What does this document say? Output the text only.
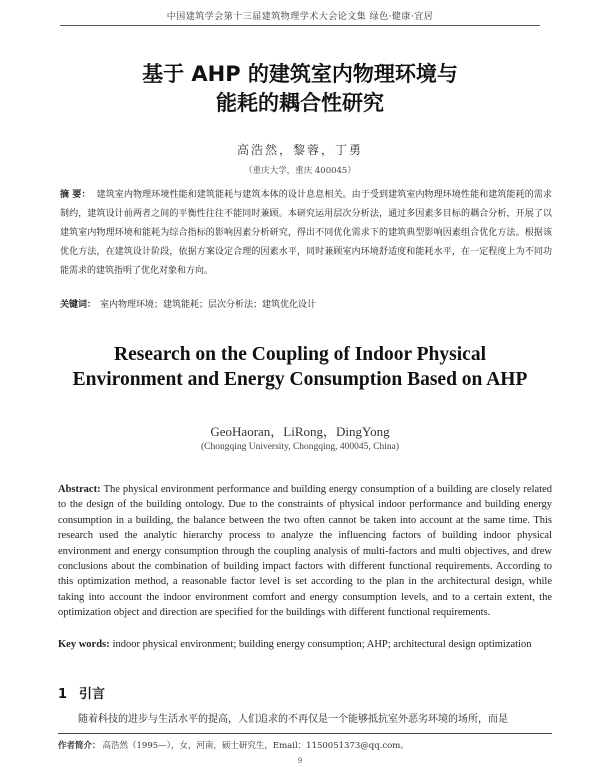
中国建筑学会第十三届建筑物理学术大会论文集 绿色·健康·宜居
基于 AHP 的建筑室内物理环境与
能耗的耦合性研究
高浩然，黎蓉，丁勇
（重庆大学，重庆 400045）
摘 要： 建筑室内物理环境性能和建筑能耗与建筑本体的设计息息相关。由于受到建筑室内物理环境性能和建筑能耗的需求制约，建筑设计前两者之间的平衡性往往不能同时兼顾。本研究运用层次分析法，通过多因素多目标的耦合分析，开展了以建筑室内物理环境和能耗为综合指标的影响因素分析研究，得出不同优化需求下的建筑典型影响因素组合优化方法。根据该优化方法，在建筑设计阶段，依据方案设定合理的因素水平，同时兼顾室内环境舒适度和能耗水平，在一定程度上为不同功能需求的建筑指明了优化对象和方向。
关键词： 室内物理环境；建筑能耗；层次分析法；建筑优化设计
Research on the Coupling of Indoor Physical
Environment and Energy Consumption Based on AHP
GeoHaoran，LiRong，DingYong
(Chongqing University, Chongqing, 400045, China)
Abstract: The physical environment performance and building energy consumption of a building are closely related to the design of the building ontology. Due to the constraints of physical indoor performance and building energy consumption in a building, the balance between the two often cannot be taken into account at the same time. This research used the analytic hierarchy process to analyze the influencing factors of building indoor physical environment and energy consumption through the coupling analysis of multi-factors and multi objectives, and drew conclusions about the combination of building impact factors with different functional requirements. According to this optimization method, a reasonable factor level is set according to the plan in the architectural design, while taking into account the indoor environment comfort and energy consumption levels, and to a certain extent, the optimization object and direction are specified for the buildings with different functional requirements.
Key words: indoor physical environment; building energy consumption; AHP; architectural design optimization
1 引言
随着科技的进步与生活水平的提高，人们追求的不再仅是一个能够抵抗室外恶劣环境的场所，而是
作者简介： 高浩然（1995—），女，河南，硕士研究生，Email：1150051373@qq.com。
9
